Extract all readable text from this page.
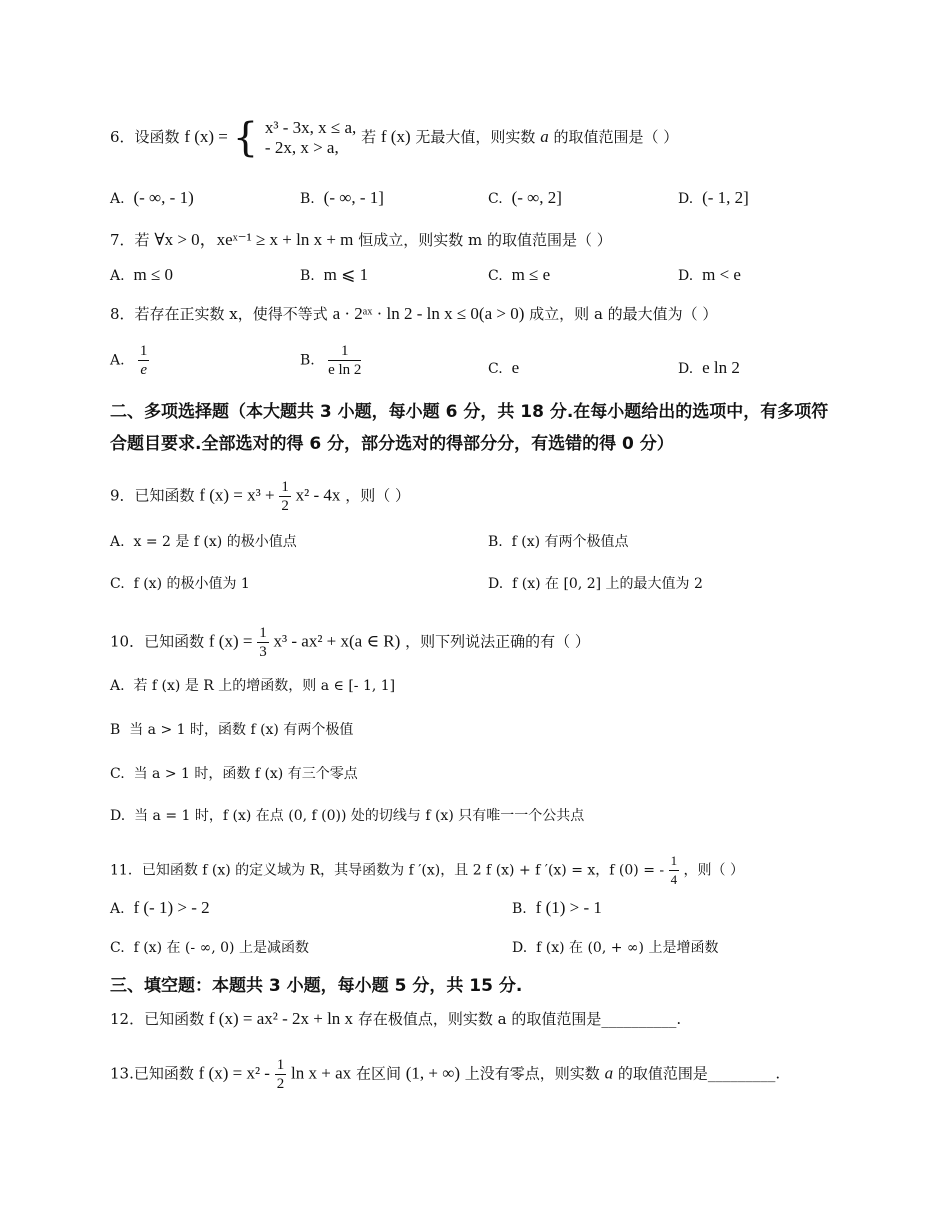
6．设函数 f (x) = { x³ - 3x, x ≤ a,
- 2x, x > a,
若 f (x) 无最大值，则实数 a 的取值范围是（ ）
A. (- ∞, - 1)	B. (- ∞, - 1]	C. (- ∞, 2]	D. (- 1, 2]
7．若 ∀x > 0，xeˣ⁻¹ ≥ x + ln x + m 恒成立，则实数 m 的取值范围是（ ）
A. m ≤ 0	B. m ⩽ 1	C. m ≤ e	D. m < e
8．若存在正实数 x，使得不等式 a · 2ᵃˣ · ln 2 - ln x ≤ 0(a > 0) 成立，则 a 的最大值为（ ）
A. $\frac{1}{e}$	B. $\frac{1}{\text{e ln 2}}$	C. e	D. e ln 2
二、多项选择题（本大题共 3 小题，每小题 6 分，共 18 分.在每小题给出的选项中，有多项符合题目要求.全部选对的得 6 分，部分选对的得部分分，有选错的得 0 分）
9．已知函数 f $(x) = x^3 + \frac{1}{2} x^2 - 4x$ ，则（ ）
A. x = 2 是 f (x) 的极小值点	B. f (x) 有两个极值点
C. f (x) 的极小值为 1	D. f (x) 在 [0, 2] 上的最大值为 2
10．已知函数 f $(x) = \frac{1}{3} x^3 - ax^2 + x(a$ ∈ R) ，则下列说法正确的有（ ）
A. 若 f (x) 是 R 上的增函数，则 a ∈ [- 1, 1]
B 当 a > 1 时，函数 f (x) 有两个极值
C. 当 a > 1 时，函数 f (x) 有三个零点
D. 当 a = 1 时，f (x) 在点 (0, f (0)) 处的切线与 f (x) 只有唯一一个公共点
11．已知函数 f (x) 的定义域为 R，其导函数为 f ′(x)，且 2 f (x) + f ′(x) = x，f (0) = - $\frac{1}{4}$ ，则（ ）
A. f (- 1) > - 2	B. f (1) > - 1
C. f (x) 在 (- ∞, 0) 上是减函数	D. f (x) 在 (0, + ∞) 上是增函数
三、填空题：本题共 3 小题，每小题 5 分，共 15 分.
12．已知函数 f (x) = ax² - 2x + ln x 存在极值点，则实数 a 的取值范围是__________.
13.已知函数 f $(x) = x^2 - \frac{1}{2}$ ln x + ax 在区间 (1, + ∞) 上没有零点，则实数 a 的取值范围是_________.
